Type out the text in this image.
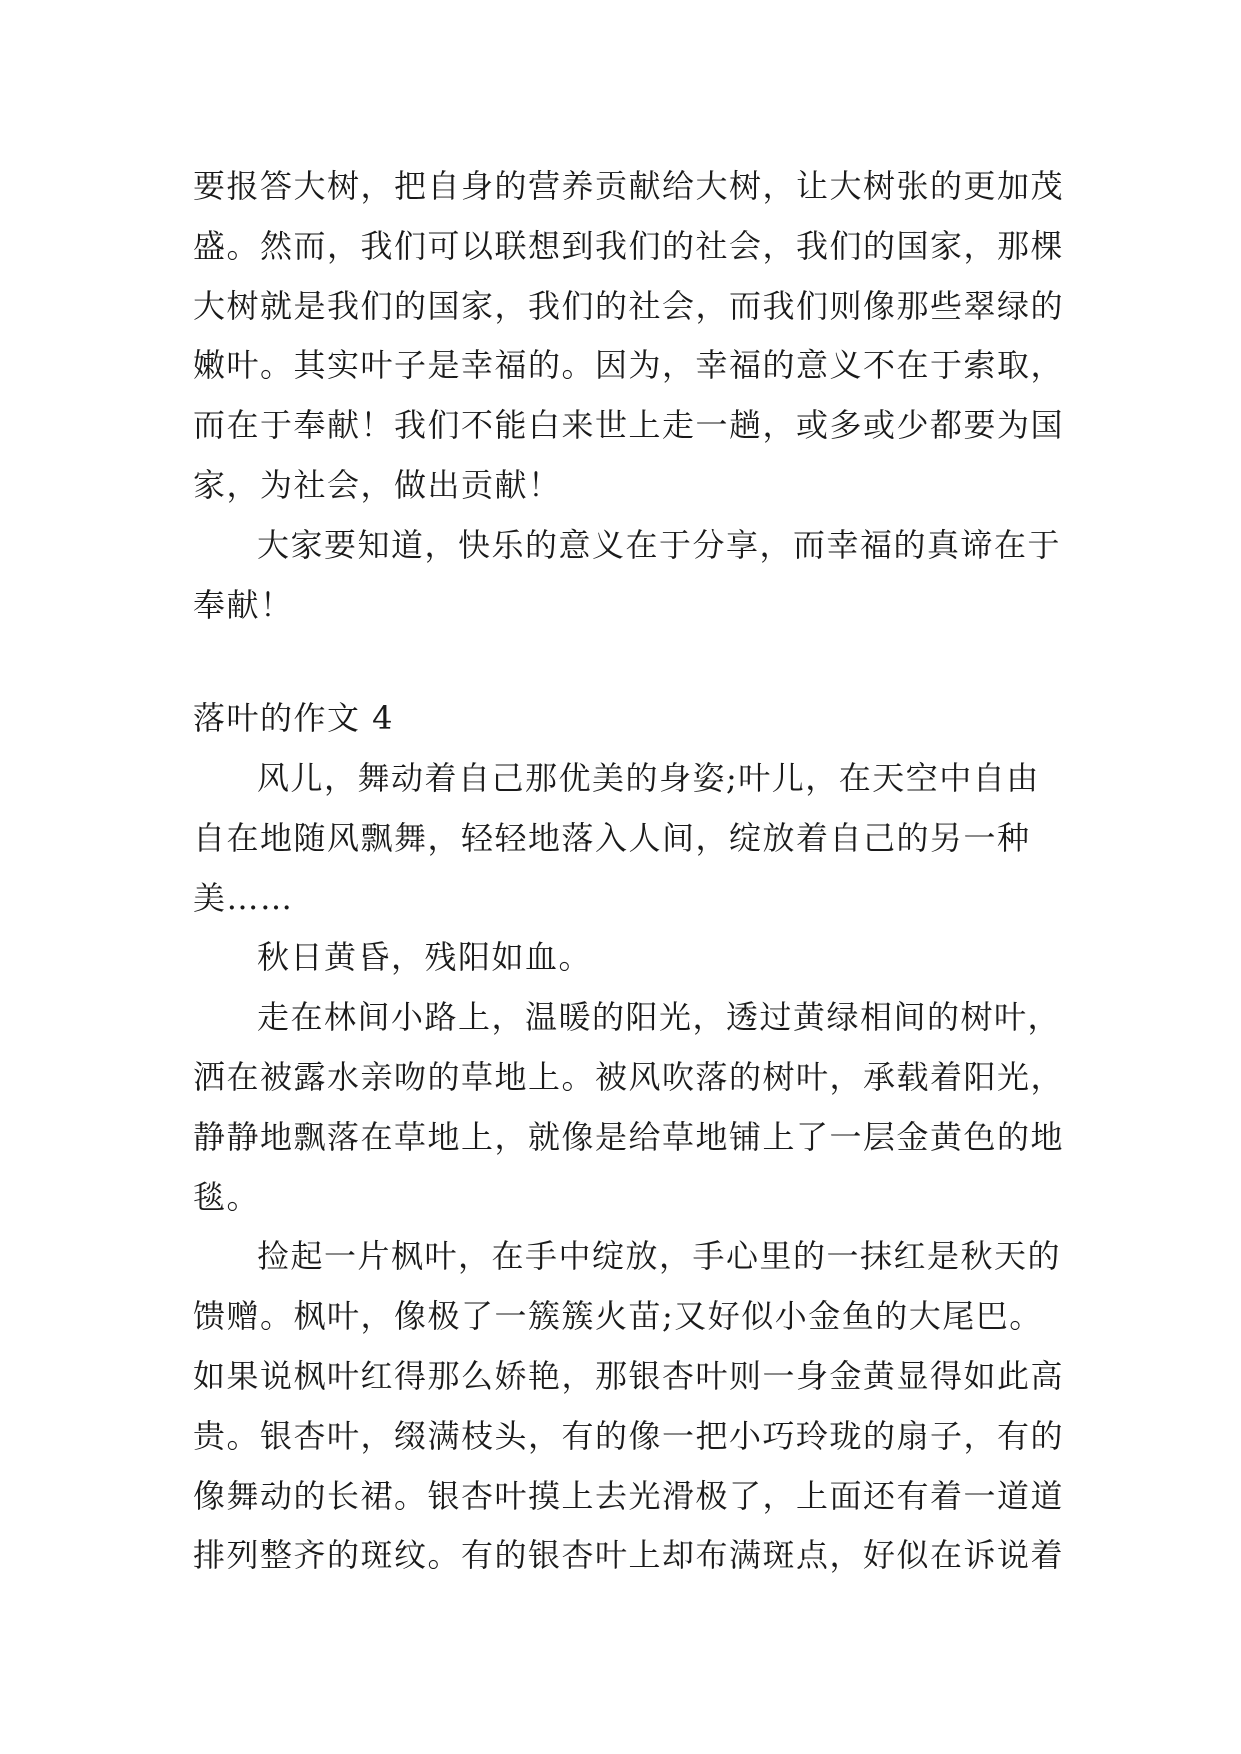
要报答大树，把自身的营养贡献给大树，让大树张的更加茂
盛。然而，我们可以联想到我们的社会，我们的国家，那棵
大树就是我们的国家，我们的社会，而我们则像那些翠绿的
嫩叶。其实叶子是幸福的。因为，幸福的意义不在于索取，
而在于奉献！我们不能白来世上走一趟，或多或少都要为国
家，为社会，做出贡献！
大家要知道，快乐的意义在于分享，而幸福的真谛在于
奉献！
落叶的作文 4
风儿，舞动着自己那优美的身姿;叶儿，在天空中自由
自在地随风飘舞，轻轻地落入人间，绽放着自己的另一种
美……
秋日黄昏，残阳如血。
走在林间小路上，温暖的阳光，透过黄绿相间的树叶，
洒在被露水亲吻的草地上。被风吹落的树叶，承载着阳光，
静静地飘落在草地上，就像是给草地铺上了一层金黄色的地
毯。
捡起一片枫叶，在手中绽放，手心里的一抹红是秋天的
馈赠。枫叶，像极了一簇簇火苗;又好似小金鱼的大尾巴。
如果说枫叶红得那么娇艳，那银杏叶则一身金黄显得如此高
贵。银杏叶，缀满枝头，有的像一把小巧玲珑的扇子，有的
像舞动的长裙。银杏叶摸上去光滑极了，上面还有着一道道
排列整齐的斑纹。有的银杏叶上却布满斑点，好似在诉说着
